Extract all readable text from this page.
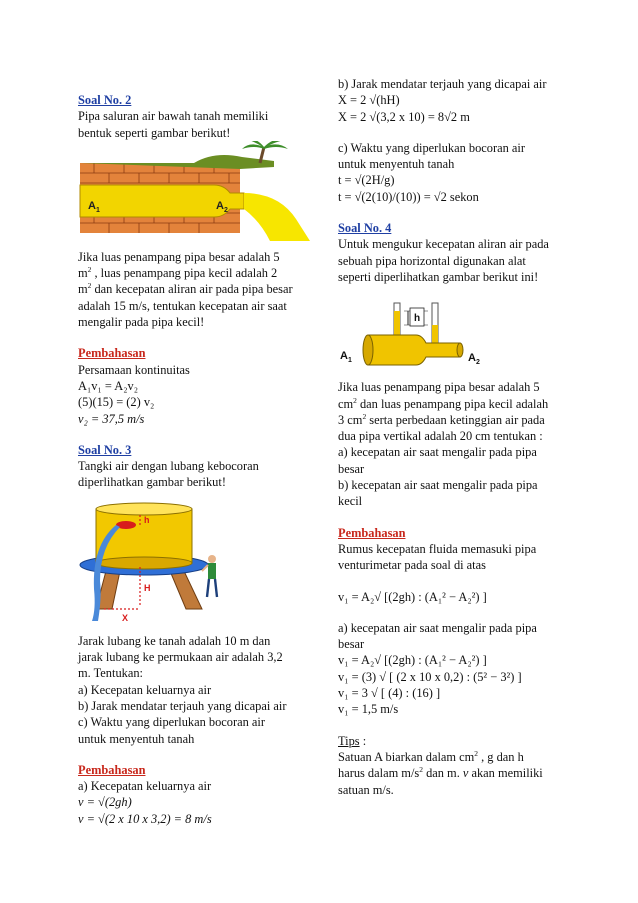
Soal No. 2
Pipa saluran air bawah tanah memiliki
bentuk seperti gambar berikut!
A 1	A 2
Jika luas penampang pipa besar adalah 5
$m^2$ , luas penampang pipa kecil adalah 2
$m^2$ dan kecepatan aliran air pada pipa besar
adalah 15 m/s, tentukan kecepatan air saat
mengalir pada pipa kecil!
Pembahasan
Persamaan kontinuitas
A₁v₁ = A₂v₂
(5)(15) = (2) v₂
v₂ = 37,5 m/s
Soal No. 3
Tangki air dengan lubang kebocoran
diperlihatkan gambar berikut!
h
H
X
Jarak lubang ke tanah adalah 10 m dan
jarak lubang ke permukaan air adalah 3,2
m. Tentukan:
a) Kecepatan keluarnya air
b) Jarak mendatar terjauh yang dicapai air
c) Waktu yang diperlukan bocoran air
untuk menyentuh tanah
Pembahasan
a) Kecepatan keluarnya air
v = √(2gh)
v = √(2 x 10 x 3,2) = 8 m/s
b) Jarak mendatar terjauh yang dicapai air
X = 2 √(hH)
X = 2 √(3,2 x 10) = 8√2 m
c) Waktu yang diperlukan bocoran air
untuk menyentuh tanah
t = √(2H/g)
t = √(2(10)/(10)) = √2 sekon
Soal No. 4
Untuk mengukur kecepatan aliran air pada
sebuah pipa horizontal digunakan alat
seperti diperlihatkan gambar berikut ini!
h
A 1	A 2
Jika luas penampang pipa besar adalah 5
$cm^2$ dan luas penampang pipa kecil adalah
3 $cm^2$ serta perbedaan ketinggian air pada
dua pipa vertikal adalah 20 cm tentukan :
a) kecepatan air saat mengalir pada pipa
besar
b) kecepatan air saat mengalir pada pipa
kecil
Pembahasan
Rumus kecepatan fluida memasuki pipa
venturimetar pada soal di atas
v₁ = A₂√ [(2gh) : (A₁² − A₂²) ]
a) kecepatan air saat mengalir pada pipa
besar
v₁ = A₂√ [(2gh) : (A₁² − A₂²) ]
v₁ = (3) √ [ (2 x 10 x 0,2) : (5² − 3²) ]
v₁ = 3 √ [ (4) : (16) ]
v₁ = 1,5 m/s
Tips :
Satuan A biarkan dalam $cm^2$ , g dan h
harus dalam $m/s^2$ dan m. v akan memiliki
satuan m/s.
